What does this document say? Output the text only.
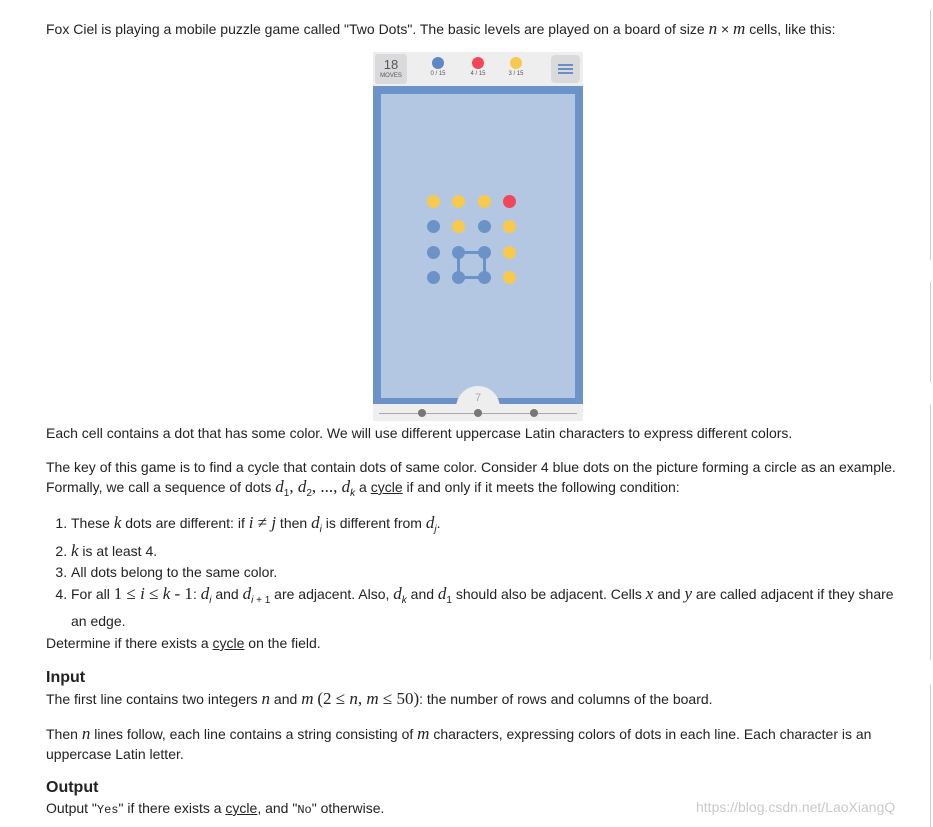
Fox Ciel is playing a mobile puzzle game called "Two Dots". The basic levels are played on a board of size n × m cells, like this:

Each cell contains a dot that has some color. We will use different uppercase Latin characters to express different colors.

The key of this game is to find a cycle that contain dots of same color. Consider 4 blue dots on the picture forming a circle as an example.

Formally, we call a sequence of dots $d_1$, $d_2$, ..., $d_k$ a cycle if and only if it meets the following condition:

1. These k dots are different: if i ≠ j then $d_i$ is different from $d_j$.
2. k is at least 4.
3. All dots belong to the same color.
4. For all 1 ≤ i ≤ k - 1: $d_i$ and $d_{i + 1}$ are adjacent. Also, $d_k$ and $d_1$ should also be adjacent. Cells x and y are called adjacent if they share
an edge.

Determine if there exists a cycle on the field.

Input

The first line contains two integers n and m (2 ≤ n, m ≤ 50): the number of rows and columns of the board.

Then n lines follow, each line contains a string consisting of m characters, expressing colors of dots in each line. Each character is an

uppercase Latin letter.

Output

Output "Yes" if there exists a cycle, and "No" otherwise.

18
MOVES	0 / 15	4 / 15	3 / 15
7
https://blog.csdn.net/LaoXiangQ
